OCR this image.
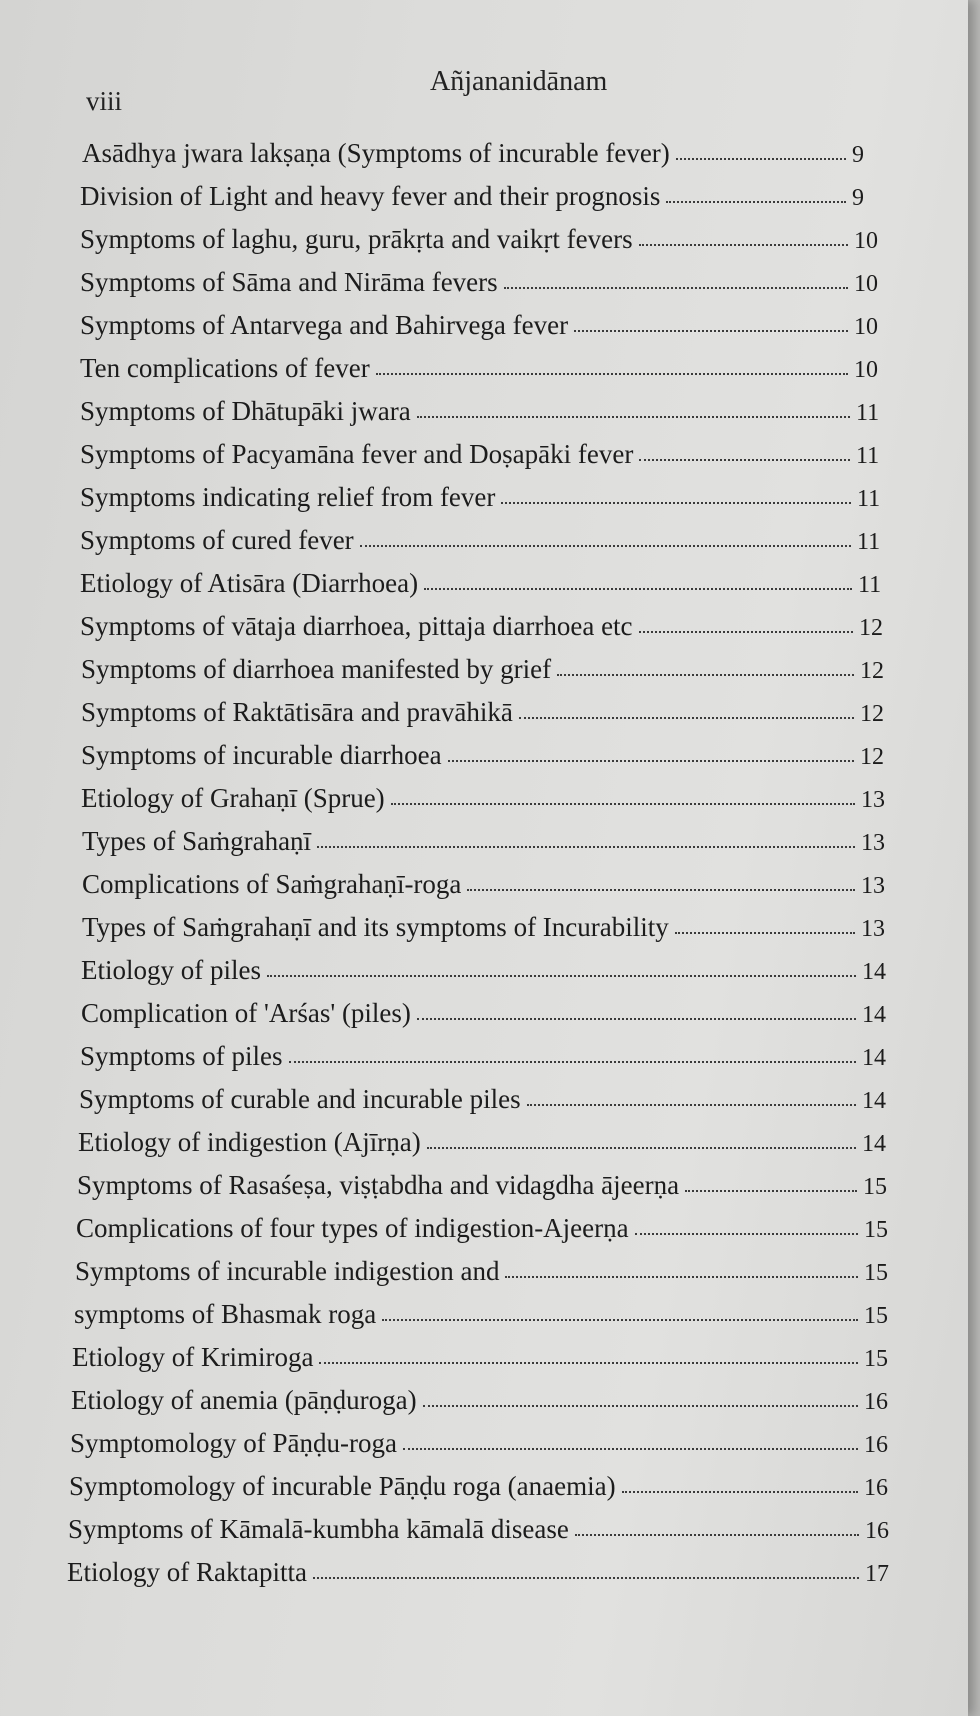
viii
Añjananidānam
Asādhya jwara lakṣaṇa (Symptoms of incurable fever)	9
Division of Light and heavy fever and their prognosis	9
Symptoms of laghu, guru, prākṛta and vaikṛt fevers	10
Symptoms of Sāma and Nirāma fevers	10
Symptoms of Antarvega and Bahirvega fever	10
Ten complications of fever	10
Symptoms of Dhātupāki jwara	11
Symptoms of Pacyamāna fever and Doṣapāki fever	11
Symptoms indicating relief from fever	11
Symptoms of cured fever	11
Etiology of Atisāra (Diarrhoea)	11
Symptoms of vātaja diarrhoea, pittaja diarrhoea etc	12
Symptoms of diarrhoea manifested by grief	12
Symptoms of Raktātisāra and pravāhikā	12
Symptoms of incurable diarrhoea	12
Etiology of Grahaṇī (Sprue)	13
Types of Saṁgrahaṇī	13
Complications of Saṁgrahaṇī-roga	13
Types of Saṁgrahaṇī and its symptoms of Incurability	13
Etiology of piles	14
Complication of 'Arśas' (piles)	14
Symptoms of piles	14
Symptoms of curable and incurable piles	14
Etiology of indigestion (Ajīrṇa)	14
Symptoms of Rasaśeṣa, viṣṭabdha and vidagdha ājeerṇa	15
Complications of four types of indigestion-Ajeerṇa	15
Symptoms of incurable indigestion and	15
symptoms of Bhasmak roga	15
Etiology of Krimiroga	15
Etiology of anemia (pāṇḍuroga)	16
Symptomology of Pāṇḍu-roga	16
Symptomology of incurable Pāṇḍu roga (anaemia)	16
Symptoms of Kāmalā-kumbha kāmalā disease	16
Etiology of Raktapitta	17
